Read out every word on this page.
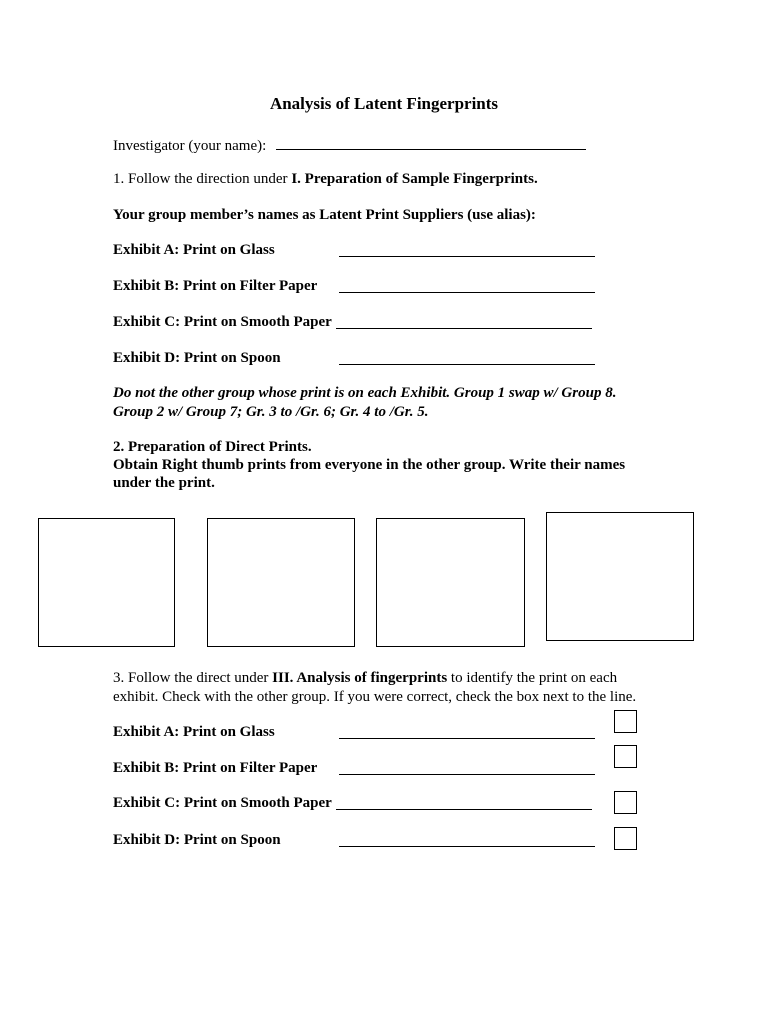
Analysis of Latent Fingerprints
Investigator (your name):
1. Follow the direction under I. Preparation of Sample Fingerprints.
Your group member’s names as Latent Print Suppliers (use alias):
Exhibit A: Print on Glass
Exhibit B: Print on Filter Paper
Exhibit C: Print on Smooth Paper
Exhibit D: Print on Spoon
Do not the other group whose print is on each Exhibit. Group 1 swap w/ Group 8.
Group 2 w/ Group 7; Gr. 3 to /Gr. 6; Gr. 4 to /Gr. 5.
2. Preparation of Direct Prints.
Obtain Right thumb prints from everyone in the other group. Write their names
under the print.
3. Follow the direct under III. Analysis of fingerprints to identify the print on each
exhibit. Check with the other group. If you were correct, check the box next to the line.
Exhibit A: Print on Glass
Exhibit B: Print on Filter Paper
Exhibit C: Print on Smooth Paper
Exhibit D: Print on Spoon
